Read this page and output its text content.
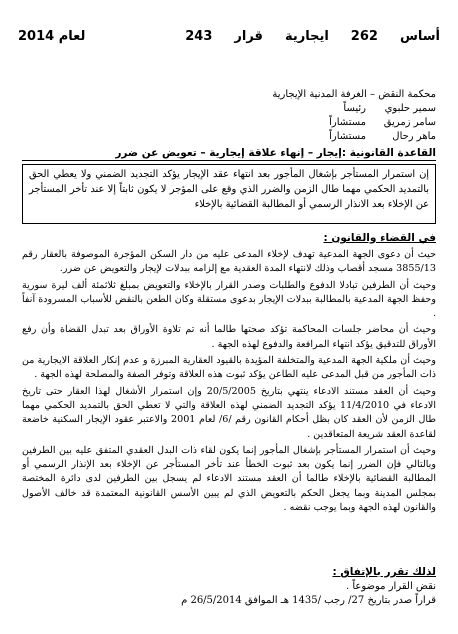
أساس
262
ايجارية
قرار
243
لعام 2014
محكمة النقض – الغرفة المدنية الإيجارية
سمير حلبوي
رئيساً
سامر زمريق
مستشاراً
ماهر رحال
مستشاراً
القاعدة القانونية :إيجار – إنهاء علاقة إيجارية – تعويض عن ضرر
إن استمرار المستأجر بإشغال المأجور بعد انتهاء عقد الإيجار يؤكد التجديد الضمني ولا يعطي الحق بالتمديد الحكمي مهما طال الزمن والضرر الذي وقع على المؤجر لا يكون ثابتاً إلا عند تأخر المستأجر عن الإخلاء بعد الانذار الرسمي أو المطالبة القضائية بالإخلاء
في القضاء والقانون :

حيث أن دعوى الجهة المدعية تهدف لإخلاء المدعى عليه من دار السكن المؤجرة الموصوفة بالعقار رقم 3855/13 مسجد أقصاب وذلك لانتهاء المدة العقدية مع إلزامه ببدلات لإيجار والتعويض عن ضرر.

وحيث أن الطرفين تبادلا الدفوع والطلبات وصدر القرار بالإخلاء والتعويض بمبلغ ثلاثمئة ألف ليرة سورية وحفظ الجهة المدعية بالمطالبة ببدلات الإيجار بدعوى مستقلة وكان الطعن بالنقض للأسباب المسرودة آنفاً .

وحيث أن محاضر جلسات المحاكمة تؤكد صحتها طالما أنه تم تلاوة الأوراق بعد تبدل القضاة وأن رفع الأوراق للتدقيق يؤكد انتهاء المرافعة والدفوع لهذه الجهة .

وحيث أن ملكية الجهة المدعية والمتخلفة المؤيدة بالقيود العقارية المبرزة و عدم إنكار العلاقة الايجارية من ذات المأجور من قبل المدعى عليه الطاعن يؤكد ثبوت هذه العلاقة وتوفر الصفة والمصلحة لهذه الجهة .

وحيث أن العقد مستند الادعاء ينتهي بتاريخ 20/5/2005 وإن استمرار الأشغال لهذا العقار حتى تاريخ الادعاء في 11/4/2010 يؤكد التجديد الضمني لهذه العلاقة والتي لا تعطي الحق بالتمديد الحكمي مهما طال الزمن لأن العقد كان بظل أحكام القانون رقم /6/ لعام 2001 والاعتبر عقود الإيجار السكنية خاضعة لقاعدة العقد شريعة المتعاقدين .

وحيث أن استمرار المستأجر بإشغال المأجور إنما يكون لقاء ذات البدل العقدي المتفق عليه بين الطرفين وبالتالي فإن الضرر إنما يكون بعد ثبوت الخطأ عند تأخر المستأجر عن الإخلاء بعد الإنذار الرسمي أو المطالبة القضائية بالإخلاء طالما أن العقد مستند الادعاء لم يسجل بين الطرفين لدى دائرة المختصة بمجلس المدينة وبما يجعل الحكم بالتعويض الذي لم يبين الأسس القانونية المعتمدة قد خالف الأصول والقانون لهذه الجهة وبما يوجب نقضه .

لذلك تقرر بالإتفاق :

نقض القرار موضوعاً .

قراراً صدر بتاريخ 27/ رجب /1435 هـ الموافق 26/5/2014 م
